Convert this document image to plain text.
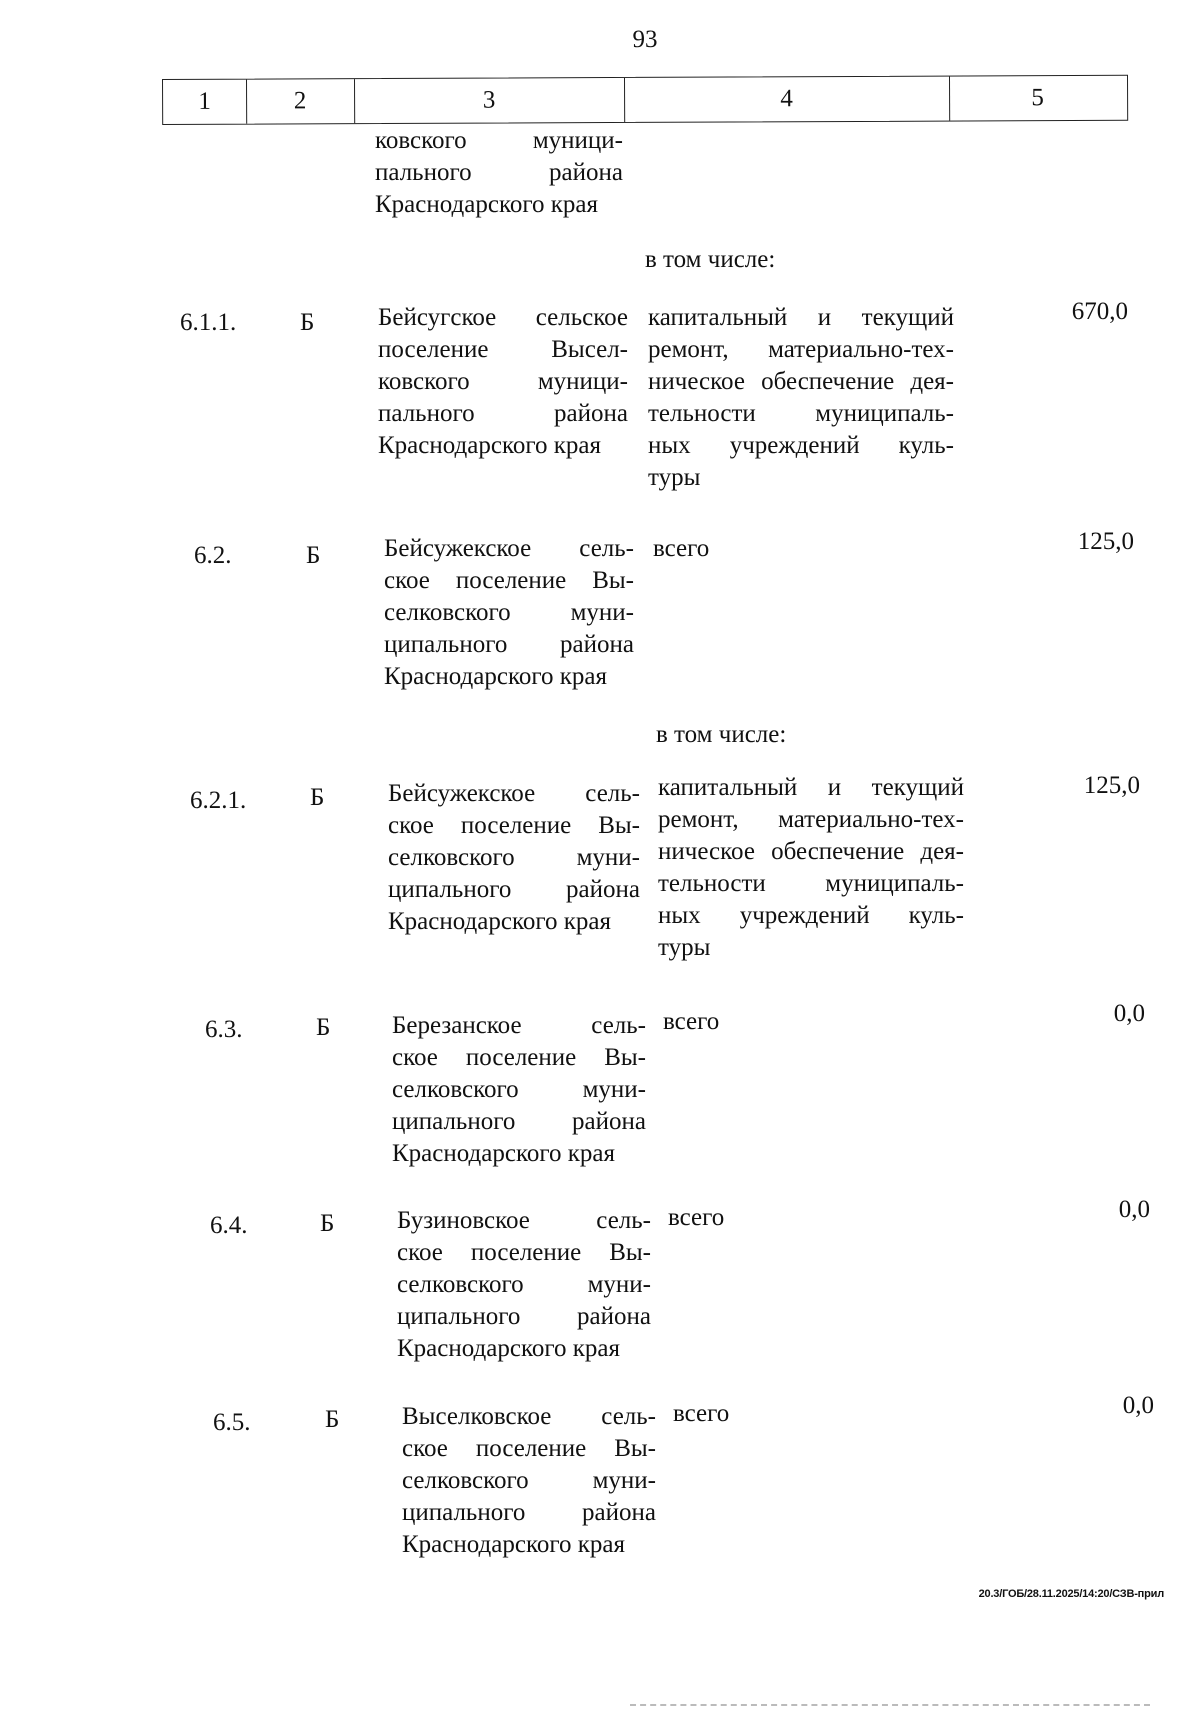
93
1	2	3	4	5
ковского муници-
пального района
Краснодарского края
в том числе:
6.1.1.	Б	Бейсугское сельское
поселение Высел-
ковского муници-
пального района
Краснодарского края
капитальный и текущий
ремонт, материально-тех-
ническое обеспечение дея-
тельности муниципаль-
ных учреждений куль-
туры
670,0
6.2.	Б	Бейсужекское сель-
ское поселение Вы-
селковского муни-
ципального района
Краснодарского края
всего	125,0
в том числе:
6.2.1.	Б	Бейсужекское сель-
ское поселение Вы-
селковского муни-
ципального района
Краснодарского края
капитальный и текущий
ремонт, материально-тех-
ническое обеспечение дея-
тельности муниципаль-
ных учреждений куль-
туры
125,0
6.3.	Б Березанское сель-
ское поселение Вы-
селковского муни-
ципального района
Краснодарского края
всего	0,0
6.4.	Б	Бузиновское сель-
ское поселение Вы-
селковского муни-
ципального района
Краснодарского края
всего	0,0
6.5.	Б	Выселковское сель-
ское поселение Вы-
селковского муни-
ципального района
Краснодарского края
всего	0,0
20.3/ГОБ/28.11.2025/14:20/СЗВ-прил
